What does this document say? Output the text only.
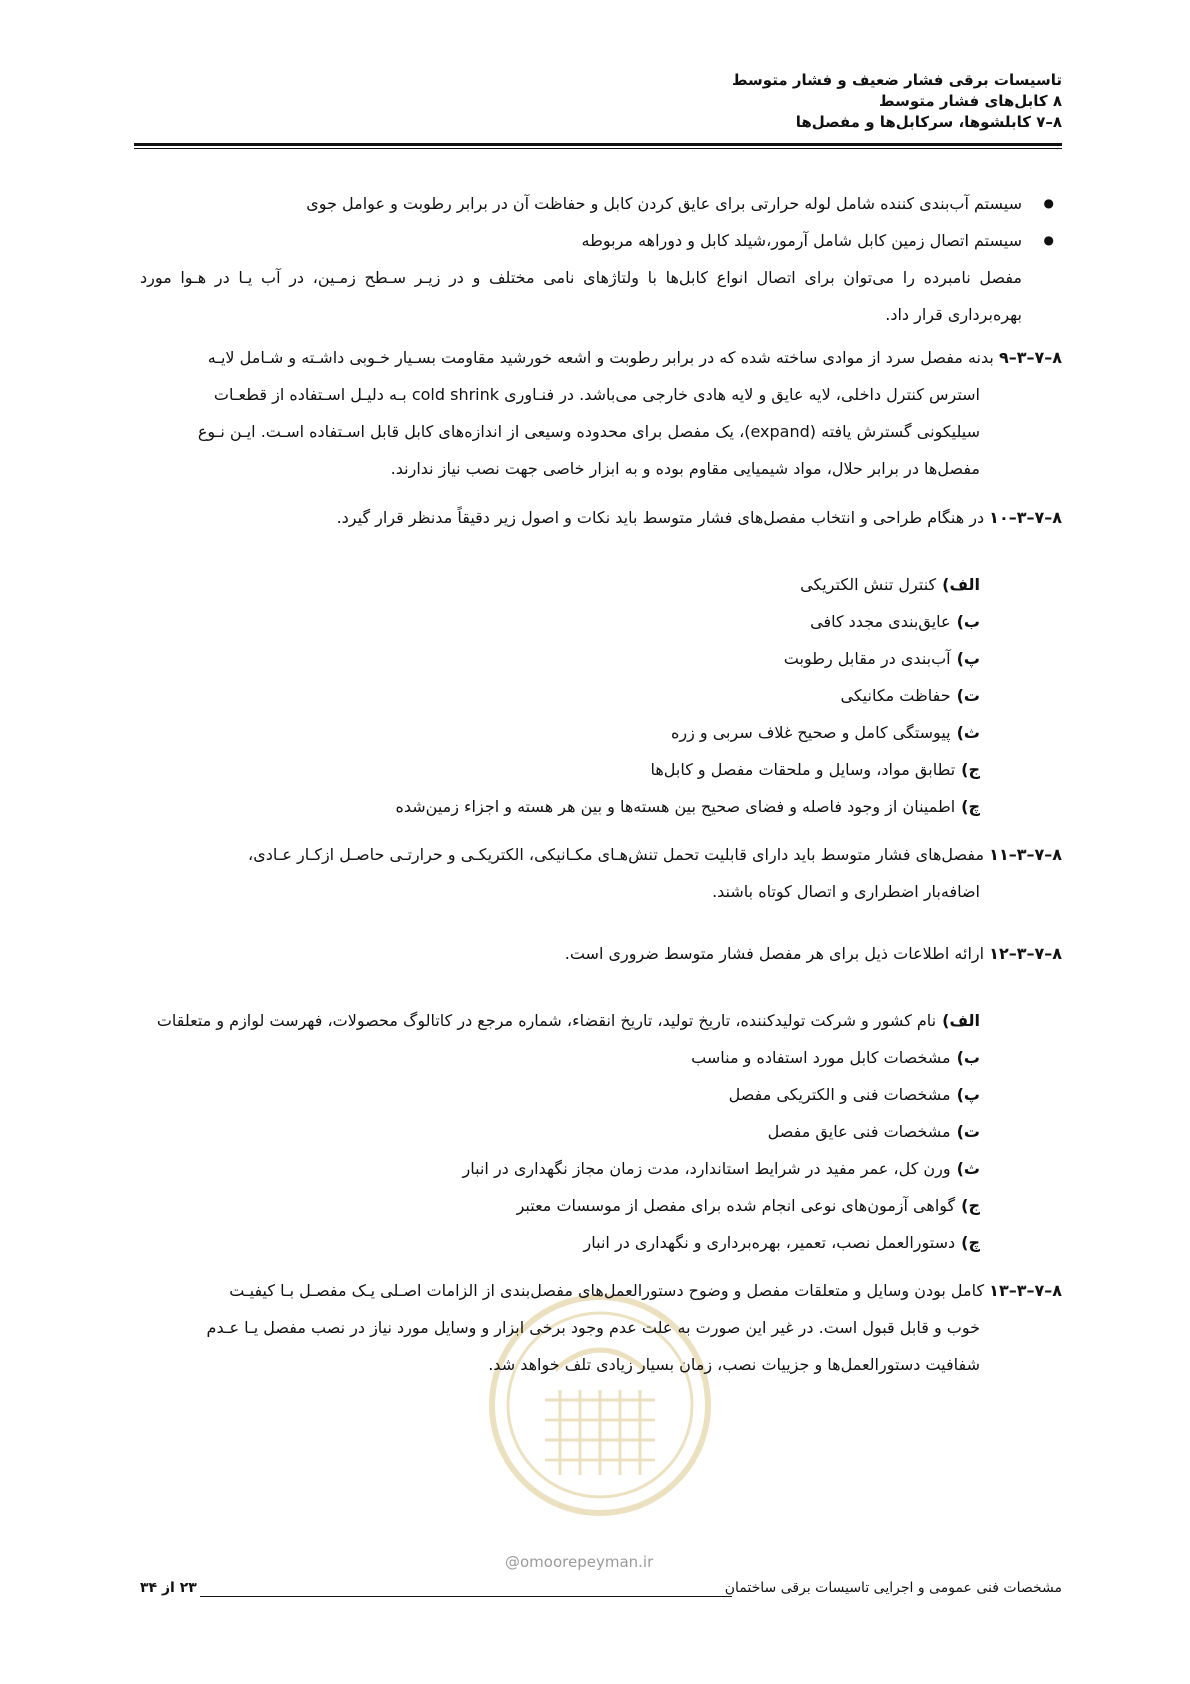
تاسیسات برقی فشار ضعیف و فشار متوسط
۸ کابل‌های فشار متوسط
۸–۷ کابلشوها، سرکابل‌ها و مفصل‌ها
● سیستم آب‌بندی کننده شامل لوله حرارتی برای عایق کردن کابل و حفاظت آن در برابر رطوبت و عوامل جوی
● سیستم اتصال زمین کابل شامل آرمور،شیلد کابل و دوراهه مربوطه
مفصل نامبرده را می‌توان برای اتصال انواع کابل‌ها با ولتاژهای نامی مختلف و در زیـر سـطح زمـین، در آب یـا در هـوا مورد بهره‌برداری قرار داد.

۸–۷–۳–۹ بدنه مفصل سرد از موادی ساخته شده که در برابر رطوبت و اشعه خورشید مقاومت بسـیار خـوبی داشـته و شـامل لایـه

استرس کنترل داخلی، لایه عایق و لایه هادی خارجی می‌باشد. در فنـاوری cold shrink بـه دلیـل اسـتفاده از قطعـات

سیلیکونی گسترش یافته (expand)، یک مفصل برای محدوده وسیعی از اندازه‌های کابل قابل اسـتفاده اسـت. ایـن نـوع

مفصل‌ها در برابر حلال، مواد شیمیایی مقاوم بوده و به ابزار خاصی جهت نصب نیاز ندارند.

۸–۷–۳–۱۰ در هنگام طراحی و انتخاب مفصل‌های فشار متوسط باید نکات و اصول زیر دقیقاً مدنظر قرار گیرد.

الف)کنترل تنش الکتریکی
ب)عایق‌بندی مجدد کافی
پ)آب‌بندی در مقابل رطوبت
ت)حفاظت مکانیکی
ث)پیوستگی کامل و صحیح غلاف سربی و زره
ج)تطابق مواد، وسایل و ملحقات مفصل و کابل‌ها
چ)اطمینان از وجود فاصله و فضای صحیح بین هسته‌ها و بین هر هسته و اجزاء زمین‌شده

۸–۷–۳–۱۱ مفصل‌های فشار متوسط باید دارای قابلیت تحمل تنش‌هـای مکـانیکی، الکتریکـی و حرارتـی حاصـل ازکـار عـادی،

اضافه‌بار اضطراری و اتصال کوتاه باشند.

۸–۷–۳–۱۲ ارائه اطلاعات ذیل برای هر مفصل فشار متوسط ضروری است.

الف)نام کشور و شرکت تولیدکننده، تاریخ تولید، تاریخ انقضاء، شماره مرجع در کاتالوگ محصولات، فهرست لوازم و متعلقات
ب)مشخصات کابل مورد استفاده و مناسب
پ)مشخصات فنی و الکتریکی مفصل
ت)مشخصات فنی عایق مفصل
ث)ورن کل، عمر مفید در شرایط استاندارد، مدت زمان مجاز نگهداری در انبار
ج)گواهی آزمون‌های نوعی انجام شده برای مفصل از موسسات معتبر
چ)دستورالعمل نصب، تعمیر، بهره‌برداری و نگهداری در انبار
@omoorepeyman.ir

۸–۷–۳–۱۳ کامل بودن وسایل و متعلقات مفصل و وضوح دستورالعمل‌های مفصل‌بندی از الزامات اصـلی یـک مفصـل بـا کیفیـت

خوب و قابل قبول است. در غیر این صورت به علت عدم وجود برخی ابزار و وسایل مورد نیاز در نصب مفصل یـا عـدم

شفافیت دستورالعمل‌ها و جزییات نصب، زمان بسیار زیادی تلف خواهد شد.

مشخصات فنی عمومی و اجرایی تاسیسات برقی ساختمان
۲۳ از ۳۴
